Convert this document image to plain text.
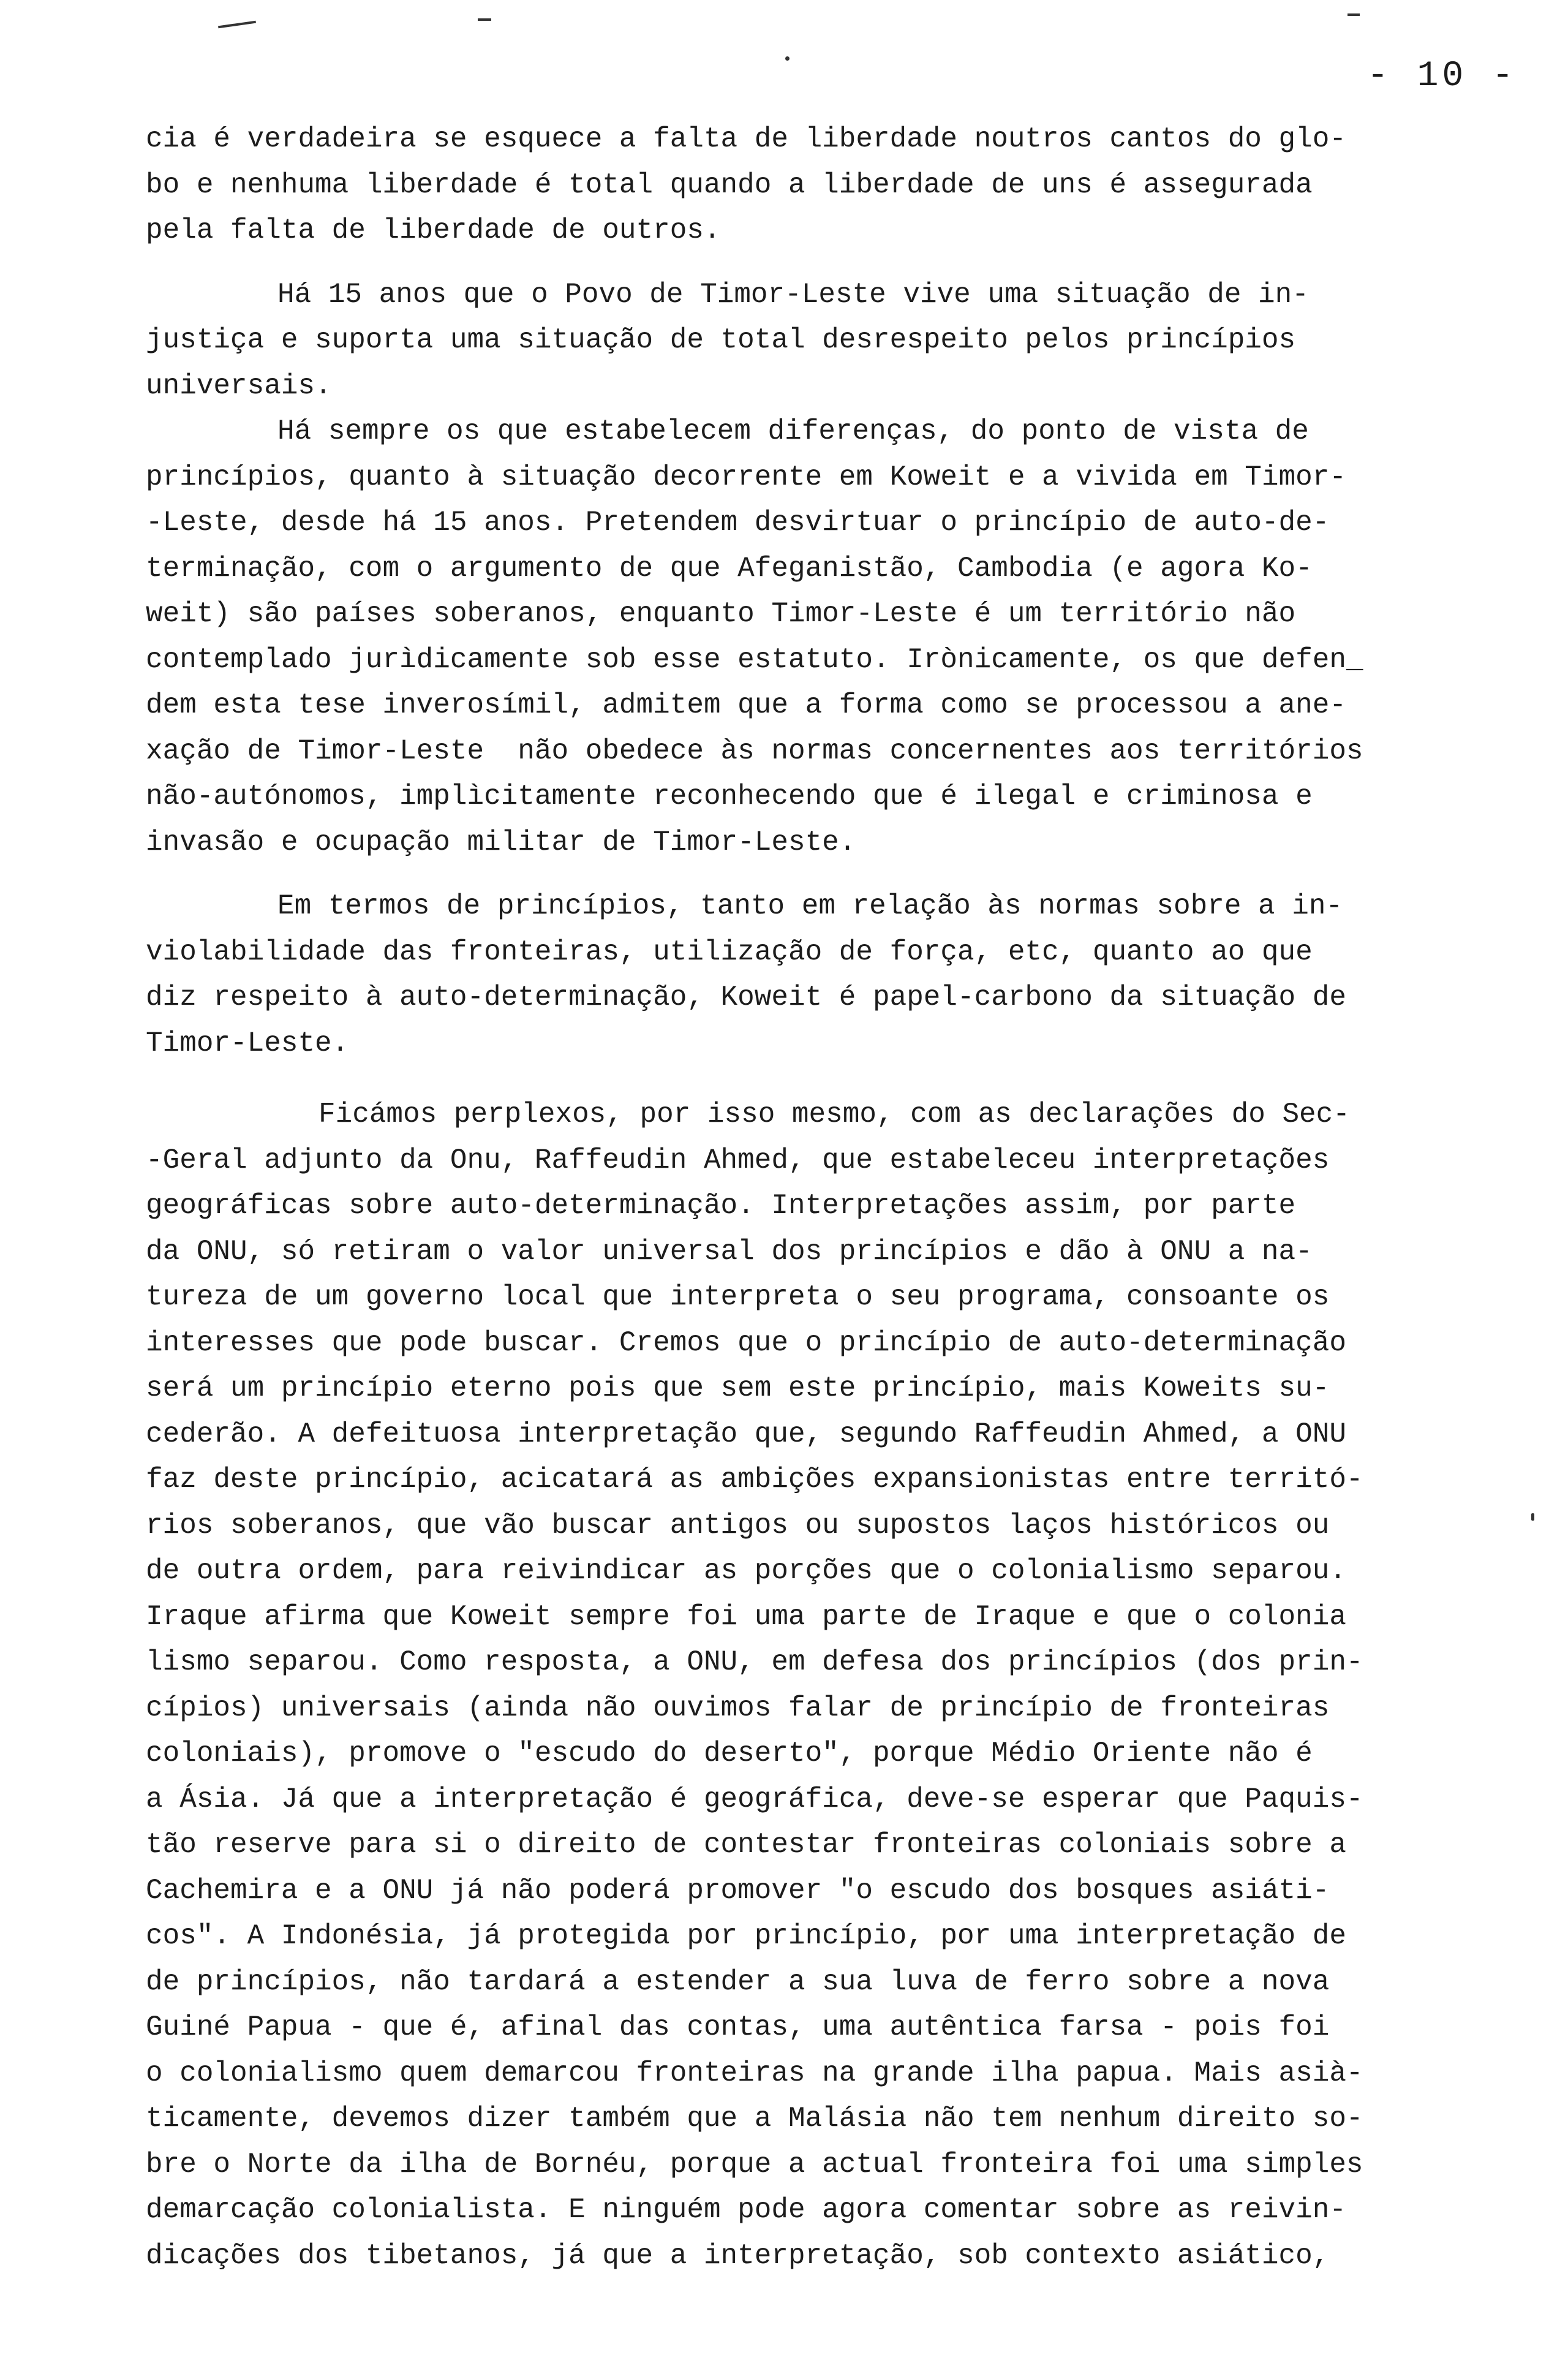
- 10 -
cia é verdadeira se esquece a falta de liberdade noutros cantos do glo-
bo e nenhuma liberdade é total quando a liberdade de uns é assegurada
pela falta de liberdade de outros.
Há 15 anos que o Povo de Timor-Leste vive uma situação de in-
justiça e suporta uma situação de total desrespeito pelos princípios
universais.
Há sempre os que estabelecem diferenças, do ponto de vista de
princípios, quanto à situação decorrente em Koweit e a vivida em Timor-
-Leste, desde há 15 anos. Pretendem desvirtuar o princípio de auto-de-
terminação, com o argumento de que Afeganistão, Cambodia (e agora Ko-
weit) são países soberanos, enquanto Timor-Leste é um território não
contemplado jurìdicamente sob esse estatuto. Irònicamente, os que defen_
dem esta tese inverosímil, admitem que a forma como se processou a ane-
xação de Timor-Leste  não obedece às normas concernentes aos territórios
não-autónomos, implìcitamente reconhecendo que é ilegal e criminosa e
invasão e ocupação militar de Timor-Leste.
Em termos de princípios, tanto em relação às normas sobre a in-
violabilidade das fronteiras, utilização de força, etc, quanto ao que
diz respeito à auto-determinação, Koweit é papel-carbono da situação de
Timor-Leste.
Ficámos perplexos, por isso mesmo, com as declarações do Sec-
-Geral adjunto da Onu, Raffeudin Ahmed, que estabeleceu interpretações
geográficas sobre auto-determinação. Interpretações assim, por parte
da ONU, só retiram o valor universal dos princípios e dão à ONU a na-
tureza de um governo local que interpreta o seu programa, consoante os
interesses que pode buscar. Cremos que o princípio de auto-determinação
será um princípio eterno pois que sem este princípio, mais Koweits su-
cederão. A defeituosa interpretação que, segundo Raffeudin Ahmed, a ONU
faz deste princípio, acicatará as ambições expansionistas entre territó-
rios soberanos, que vão buscar antigos ou supostos laços históricos ou
de outra ordem, para reivindicar as porções que o colonialismo separou.
Iraque afirma que Koweit sempre foi uma parte de Iraque e que o colonia
lismo separou. Como resposta, a ONU, em defesa dos princípios (dos prin-
cípios) universais (ainda não ouvimos falar de princípio de fronteiras
coloniais), promove o "escudo do deserto", porque Médio Oriente não é
a Ásia. Já que a interpretação é geográfica, deve-se esperar que Paquis-
tão reserve para si o direito de contestar fronteiras coloniais sobre a
Cachemira e a ONU já não poderá promover "o escudo dos bosques asiáti-
cos". A Indonésia, já protegida por princípio, por uma interpretação de
de princípios, não tardará a estender a sua luva de ferro sobre a nova
Guiné Papua - que é, afinal das contas, uma autêntica farsa - pois foi
o colonialismo quem demarcou fronteiras na grande ilha papua. Mais asià-
ticamente, devemos dizer também que a Malásia não tem nenhum direito so-
bre o Norte da ilha de Bornéu, porque a actual fronteira foi uma simples
demarcação colonialista. E ninguém pode agora comentar sobre as reivin-
dicações dos tibetanos, já que a interpretação, sob contexto asiático,
